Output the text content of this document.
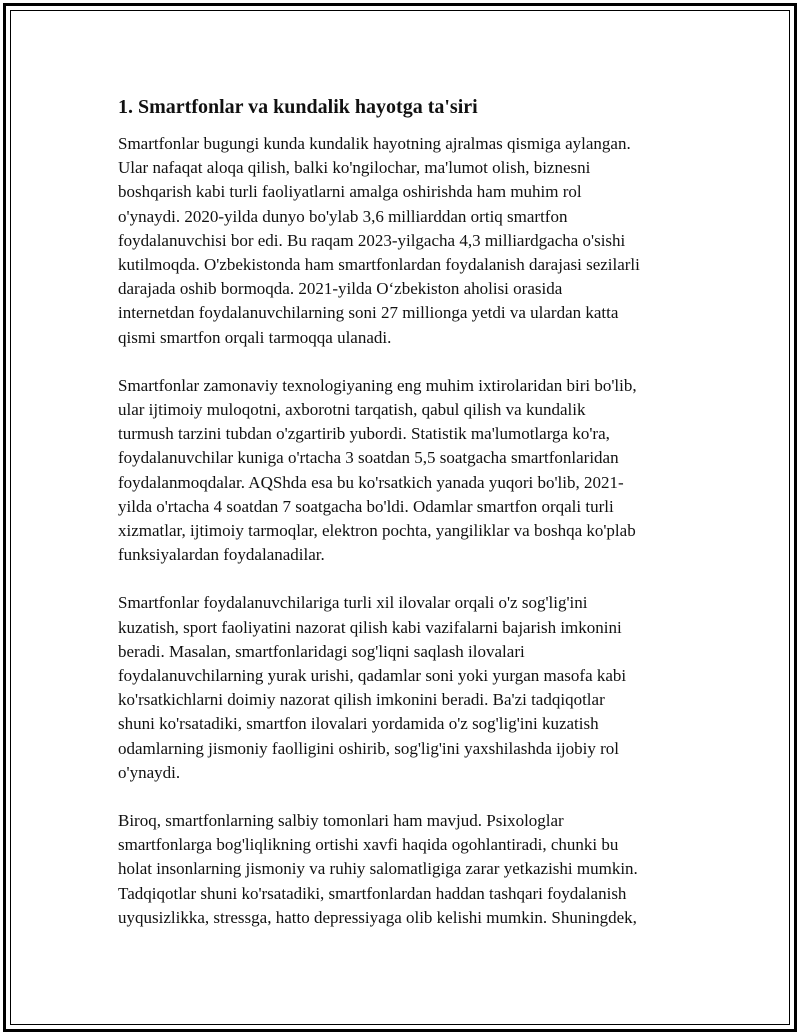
1. Smartfonlar va kundalik hayotga ta'siri

Smartfonlar bugungi kunda kundalik hayotning ajralmas qismiga aylangan.
Ular nafaqat aloqa qilish, balki ko'ngilochar, ma'lumot olish, biznesni
boshqarish kabi turli faoliyatlarni amalga oshirishda ham muhim rol
o'ynaydi. 2020-yilda dunyo bo'ylab 3,6 milliarddan ortiq smartfon
foydalanuvchisi bor edi. Bu raqam 2023-yilgacha 4,3 milliardgacha o'sishi
kutilmoqda. O'zbekistonda ham smartfonlardan foydalanish darajasi sezilarli
darajada oshib bormoqda. 2021-yilda O‘zbekiston aholisi orasida
internetdan foydalanuvchilarning soni 27 millionga yetdi va ulardan katta
qismi smartfon orqali tarmoqqa ulanadi.

Smartfonlar zamonaviy texnologiyaning eng muhim ixtirolaridan biri bo'lib,
ular ijtimoiy muloqotni, axborotni tarqatish, qabul qilish va kundalik
turmush tarzini tubdan o'zgartirib yubordi. Statistik ma'lumotlarga ko'ra,
foydalanuvchilar kuniga o'rtacha 3 soatdan 5,5 soatgacha smartfonlaridan
foydalanmoqdalar. AQShda esa bu ko'rsatkich yanada yuqori bo'lib, 2021-
yilda o'rtacha 4 soatdan 7 soatgacha bo'ldi. Odamlar smartfon orqali turli
xizmatlar, ijtimoiy tarmoqlar, elektron pochta, yangiliklar va boshqa ko'plab
funksiyalardan foydalanadilar.

Smartfonlar foydalanuvchilariga turli xil ilovalar orqali o'z sog'lig'ini
kuzatish, sport faoliyatini nazorat qilish kabi vazifalarni bajarish imkonini
beradi. Masalan, smartfonlaridagi sog'liqni saqlash ilovalari
foydalanuvchilarning yurak urishi, qadamlar soni yoki yurgan masofa kabi
ko'rsatkichlarni doimiy nazorat qilish imkonini beradi. Ba'zi tadqiqotlar
shuni ko'rsatadiki, smartfon ilovalari yordamida o'z sog'lig'ini kuzatish
odamlarning jismoniy faolligini oshirib, sog'lig'ini yaxshilashda ijobiy rol
o'ynaydi.

Biroq, smartfonlarning salbiy tomonlari ham mavjud. Psixologlar
smartfonlarga bog'liqlikning ortishi xavfi haqida ogohlantiradi, chunki bu
holat insonlarning jismoniy va ruhiy salomatligiga zarar yetkazishi mumkin.
Tadqiqotlar shuni ko'rsatadiki, smartfonlardan haddan tashqari foydalanish
uyqusizlikka, stressga, hatto depressiyaga olib kelishi mumkin. Shuningdek,
